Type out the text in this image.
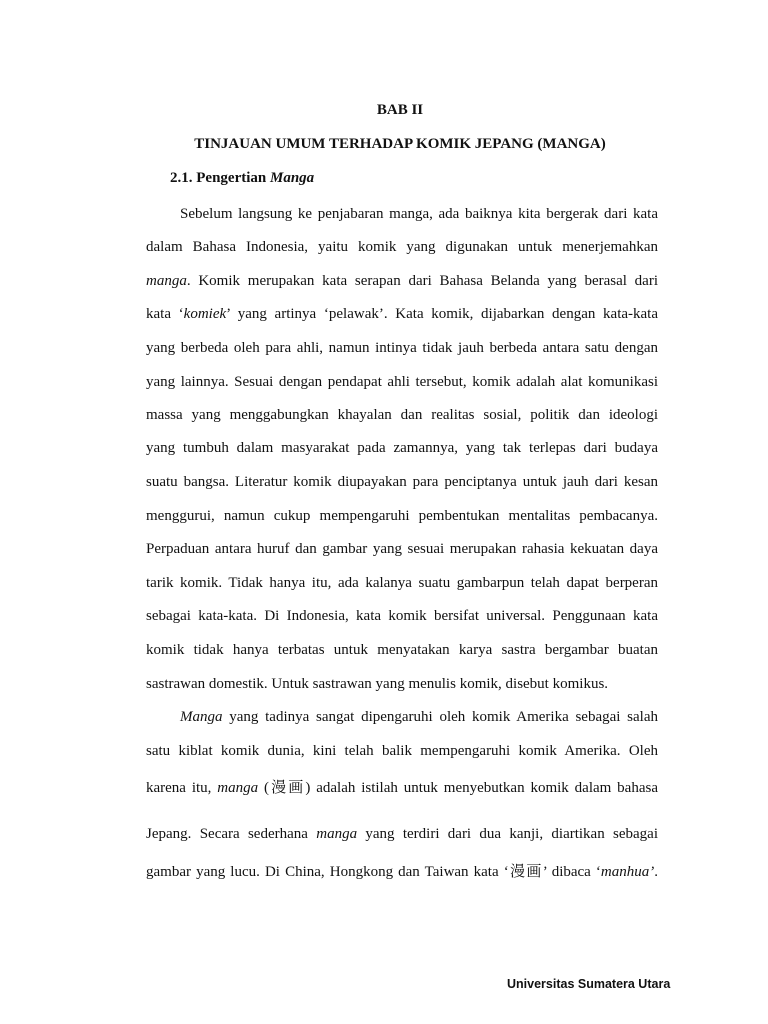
BAB II
TINJAUAN UMUM TERHADAP KOMIK JEPANG (MANGA)
2.1. Pengertian Manga
Sebelum langsung ke penjabaran manga, ada baiknya kita bergerak dari kata
dalam Bahasa Indonesia, yaitu komik yang digunakan untuk menerjemahkan
manga. Komik merupakan kata serapan dari Bahasa Belanda yang berasal dari
kata ‘komiek’ yang artinya ‘pelawak’. Kata komik, dijabarkan dengan kata-kata
yang berbeda oleh para ahli, namun intinya tidak jauh berbeda antara satu dengan
yang lainnya. Sesuai dengan pendapat ahli tersebut, komik adalah alat komunikasi
massa yang menggabungkan khayalan dan realitas sosial, politik dan ideologi
yang tumbuh dalam masyarakat pada zamannya, yang tak terlepas dari budaya
suatu bangsa. Literatur komik diupayakan para penciptanya untuk jauh dari kesan
menggurui, namun cukup mempengaruhi pembentukan mentalitas pembacanya.
Perpaduan antara huruf dan gambar yang sesuai merupakan rahasia kekuatan daya
tarik komik. Tidak hanya itu, ada kalanya suatu gambarpun telah dapat berperan
sebagai kata-kata. Di Indonesia, kata komik bersifat universal. Penggunaan kata
komik tidak hanya terbatas untuk menyatakan karya sastra bergambar buatan
sastrawan domestik. Untuk sastrawan yang menulis komik, disebut komikus.
Manga yang tadinya sangat dipengaruhi oleh komik Amerika sebagai salah
satu kiblat komik dunia, kini telah balik mempengaruhi komik Amerika. Oleh
karena itu, manga (漫画) adalah istilah untuk menyebutkan komik dalam bahasa
Jepang. Secara sederhana manga yang terdiri dari dua kanji, diartikan sebagai
gambar yang lucu. Di China, Hongkong dan Taiwan kata ‘漫画’ dibaca ‘manhua’.
Universitas Sumatera Utara
